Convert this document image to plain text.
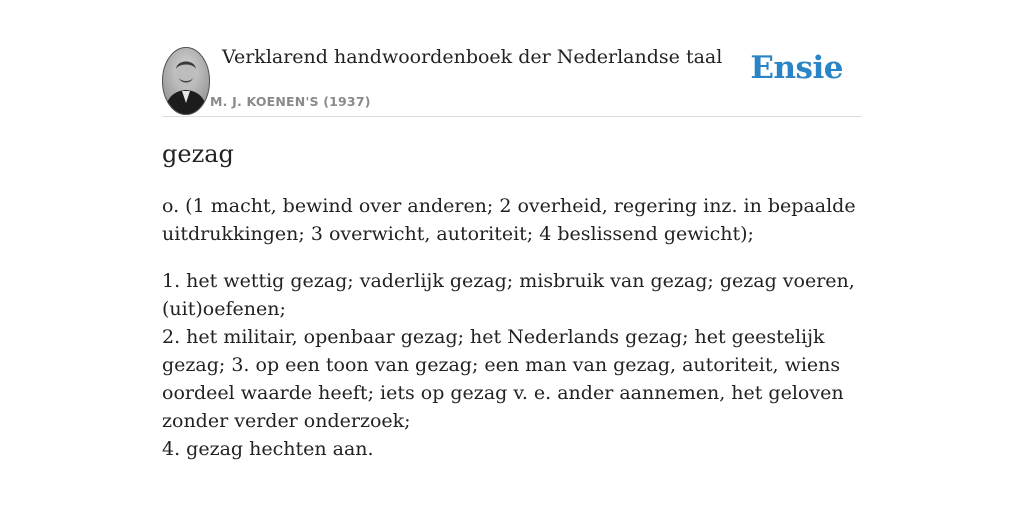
Verklarend handwoordenboek der Nederlandse taal
M. J. KOENEN'S (1937)
Ensie
gezag

o. (1 macht, bewind over anderen; 2 overheid, regering inz. in bepaalde uitdrukkingen; 3 overwicht, autoriteit; 4 beslissend gewicht);

1. het wettig gezag; vaderlijk gezag; misbruik van gezag; gezag voeren, (uit)oefenen;

2. het militair, openbaar gezag; het Nederlands gezag; het geestelijk gezag; 3. op een toon van gezag; een man van gezag, autoriteit, wiens oordeel waarde heeft; iets op gezag v. e. ander aannemen, het geloven zonder verder onderzoek;

4. gezag hechten aan.
